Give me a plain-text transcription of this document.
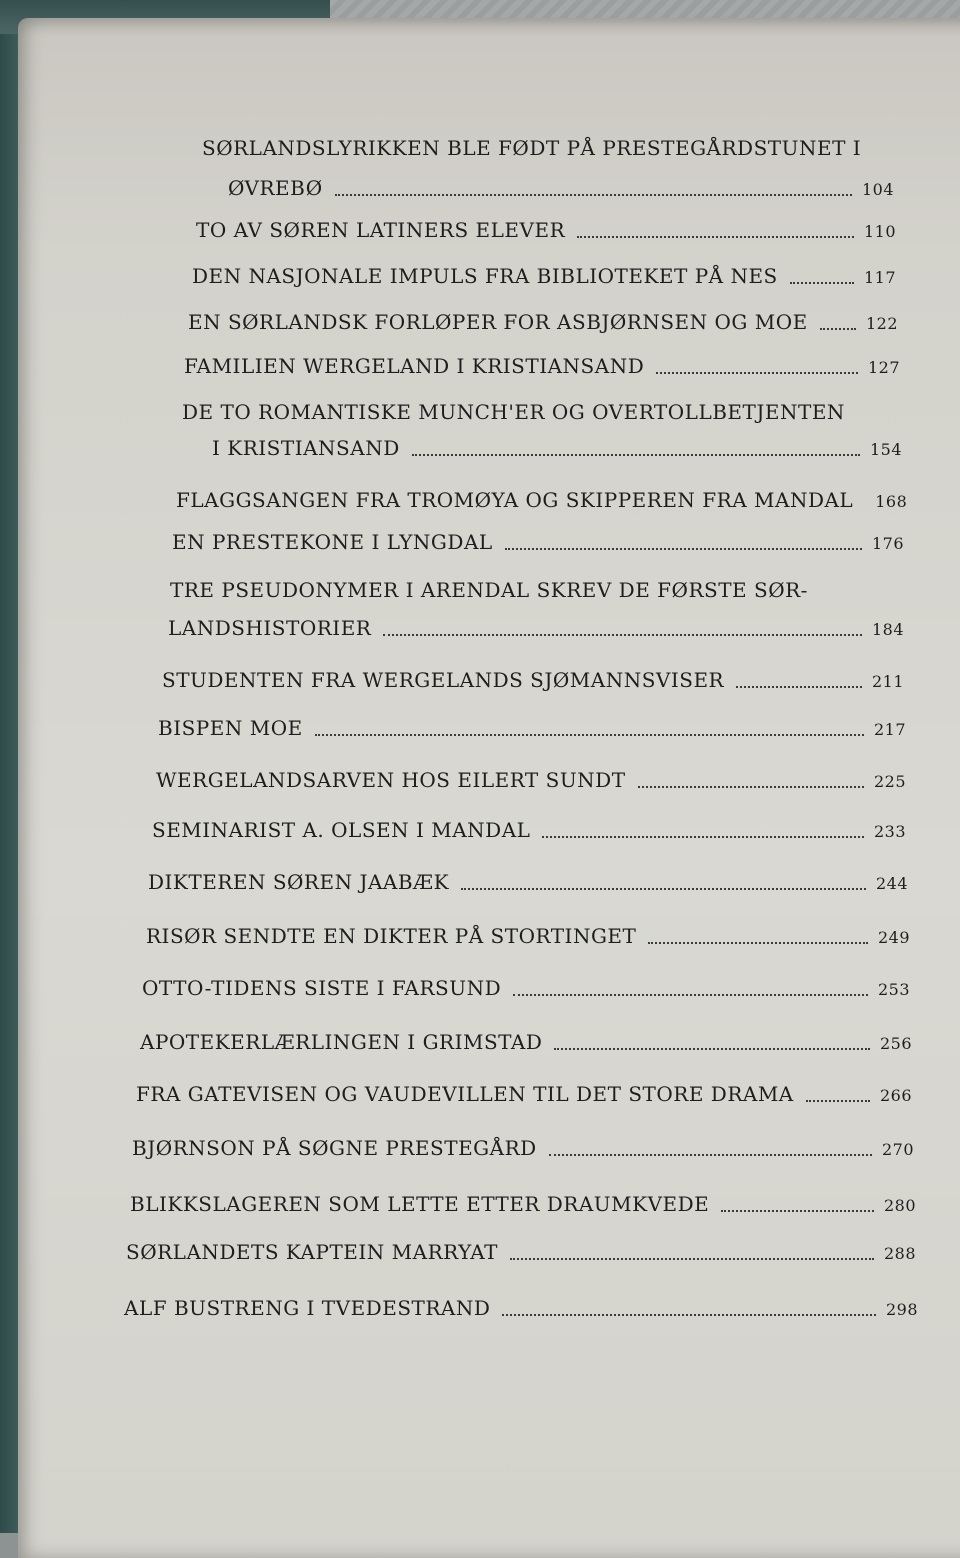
SØRLANDSLYRIKKEN BLE FØDT PÅ PRESTEGÅRDSTUNET I
ØVREBØ	104
TO AV SØREN LATINERS ELEVER	110
DEN NASJONALE IMPULS FRA BIBLIOTEKET PÅ NES	117
EN SØRLANDSK FORLØPER FOR ASBJØRNSEN OG MOE	122
FAMILIEN WERGELAND I KRISTIANSAND	127
DE TO ROMANTISKE MUNCH'ER OG OVERTOLLBETJENTEN
I KRISTIANSAND	154
FLAGGSANGEN FRA TROMØYA OG SKIPPEREN FRA MANDAL 168
EN PRESTEKONE I LYNGDAL	176
TRE PSEUDONYMER I ARENDAL SKREV DE FØRSTE SØR-
LANDSHISTORIER	184
STUDENTEN FRA WERGELANDS SJØMANNSVISER	211
BISPEN MOE	217
WERGELANDSARVEN HOS EILERT SUNDT	225
SEMINARIST A. OLSEN I MANDAL	233
DIKTEREN SØREN JAABÆK	244
RISØR SENDTE EN DIKTER PÅ STORTINGET	249
OTTO-TIDENS SISTE I FARSUND	253
APOTEKERLÆRLINGEN I GRIMSTAD	256
FRA GATEVISEN OG VAUDEVILLEN TIL DET STORE DRAMA	266
BJØRNSON PÅ SØGNE PRESTEGÅRD	270
BLIKKSLAGEREN SOM LETTE ETTER DRAUMKVEDE	280
SØRLANDETS KAPTEIN MARRYAT	288
ALF BUSTRENG I TVEDESTRAND	298
